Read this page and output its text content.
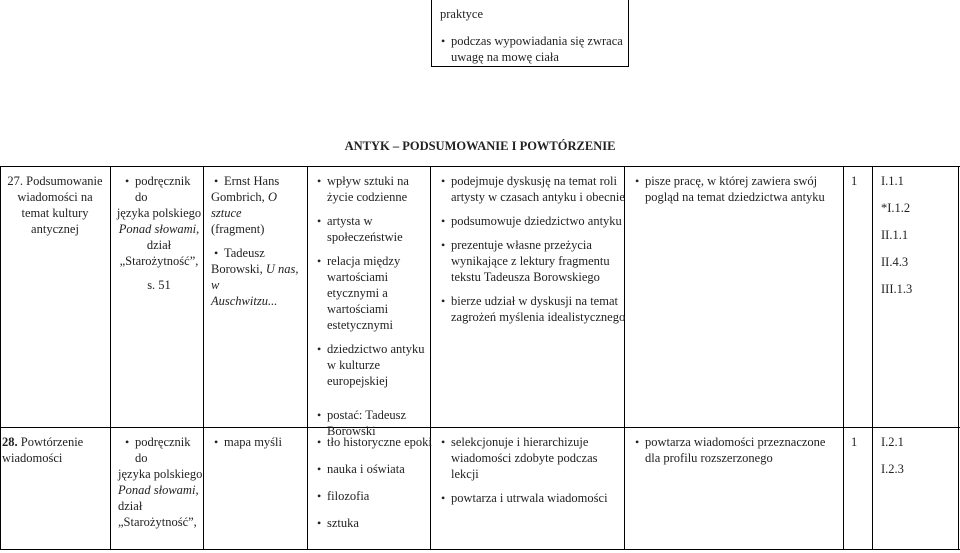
praktyce
• podczas wypowiadania się zwraca uwagę na mowę ciała
ANTYK – PODSUMOWANIE I POWTÓRZENIE
27. Podsumowanie wiadomości na temat kultury antycznej
• podręcznik do
języka polskiego
Ponad słowami,
dział
„Starożytność”,
s. 51
• Ernst Hans
Gombrich, O sztuce
(fragment)
• Tadeusz
Borowski, U nas, w
Auschwitzu...
• wpływ sztuki na życie codzienne
• artysta w społeczeństwie
• relacja między wartościami etycznymi a wartościami estetycznymi
• dziedzictwo antyku w kulturze europejskiej
• postać: Tadeusz Borowski
• podejmuje dyskusję na temat roli artysty w czasach antyku i obecnie
• podsumowuje dziedzictwo antyku
• prezentuje własne przeżycia wynikające z lektury fragmentu tekstu Tadeusza Borowskiego
• bierze udział w dyskusji na temat zagrożeń myślenia idealistycznego
• pisze pracę, w której zawiera swój pogląd na temat dziedzictwa antyku
1	I.1.1
*I.1.2
II.1.1
II.4.3
III.1.3
28. Powtórzenie wiadomości
• podręcznik do
języka polskiego
Ponad słowami,
dział
„Starożytność”,
• mapa myśli
•	tło historyczne epoki
• nauka i oświata
• filozofia
• sztuka
• selekcjonuje i hierarchizuje wiadomości zdobyte podczas lekcji
• powtarza i utrwala wiadomości
• powtarza wiadomości przeznaczone dla profilu rozszerzonego
1	I.2.1
I.2.3
